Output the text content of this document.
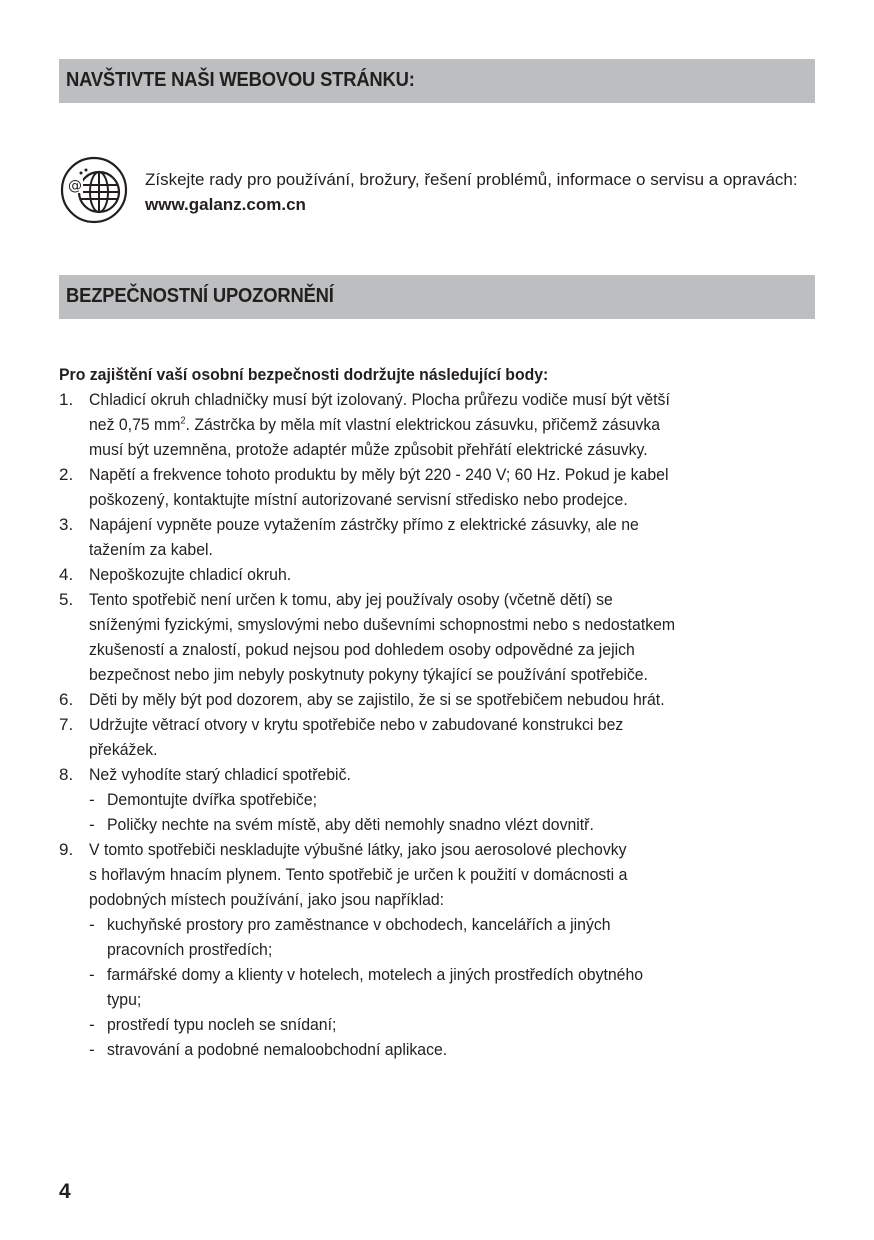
NAVŠTIVTE NAŠI WEBOVOU STRÁNKU:
@	Získejte rady pro používání, brožury, řešení problémů, informace o servisu a opravách: www.galanz.com.cn
BEZPEČNOSTNÍ UPOZORNĚNÍ
Pro zajištění vaší osobní bezpečnosti dodržujte následující body:
1. Chladicí okruh chladničky musí být izolovaný. Plocha průřezu vodiče musí být větší
než 0,75 $mm^2$. Zástrčka by měla mít vlastní elektrickou zásuvku, přičemž zásuvka
musí být uzemněna, protože adaptér může způsobit přehřátí elektrické zásuvky.
2. Napětí a frekvence tohoto produktu by měly být 220 - 240 V; 60 Hz. Pokud je kabel
poškozený, kontaktujte místní autorizované servisní středisko nebo prodejce.
3. Napájení vypněte pouze vytažením zástrčky přímo z elektrické zásuvky, ale ne
tažením za kabel.
4. Nepoškozujte chladicí okruh.
5. Tento spotřebič není určen k tomu, aby jej používaly osoby (včetně dětí) se
sníženými fyzickými, smyslovými nebo duševními schopnostmi nebo s nedostatkem
zkušeností a znalostí, pokud nejsou pod dohledem osoby odpovědné za jejich
bezpečnost nebo jim nebyly poskytnuty pokyny týkající se používání spotřebiče.
6. Děti by měly být pod dozorem, aby se zajistilo, že si se spotřebičem nebudou hrát.
7. Udržujte větrací otvory v krytu spotřebiče nebo v zabudované konstrukci bez
překážek.
8. Než vyhodíte starý chladicí spotřebič.
- Demontujte dvířka spotřebiče;
- Poličky nechte na svém místě, aby děti nemohly snadno vlézt dovnitř.
9. V tomto spotřebiči neskladujte výbušné látky, jako jsou aerosolové plechovky
s hořlavým hnacím plynem. Tento spotřebič je určen k použití v domácnosti a
podobných místech používání, jako jsou například:
- kuchyňské prostory pro zaměstnance v obchodech, kancelářích a jiných
pracovních prostředích;
- farmářské domy a klienty v hotelech, motelech a jiných prostředích obytného
typu;
- prostředí typu nocleh se snídaní;
- stravování a podobné nemaloobchodní aplikace.
4
